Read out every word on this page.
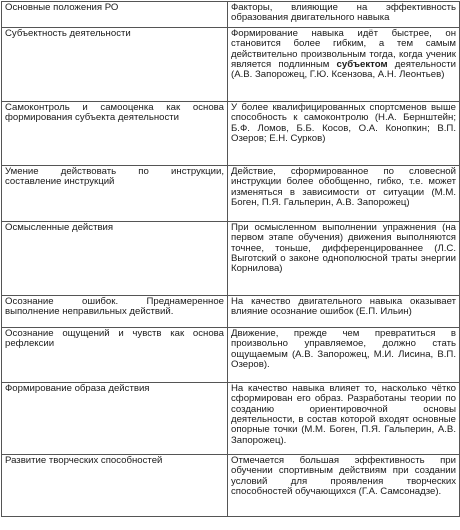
Основные положения РО	Факторы, влияющие на эффективность образования двигательного навыка

Субъектность деятельности	Формирование навыка идёт быстрее, он становится более гибким, а тем самым действительно произвольным тогда, когда ученик является подлинным субъектом деятельности (А.В. Запорожец, Г.Ю. Ксензова, А.Н. Леонтьев)

Самоконтроль и самооценка как основа формирования субъекта деятельности	У более квалифицированных спортсменов выше способность к самоконтролю (Н.А. Бернштейн; Б.Ф. Ломов, Б.Б. Косов, О.А. Конопкин; В.П. Озеров; Е.Н. Сурков)

Умение действовать по инструкции, составление инструкций	Действие, сформированное по словесной инструкции более обобщенно, гибко, т.е. может изменяться в зависимости от ситуации (М.М. Боген, П.Я. Гальперин, А.В. Запорожец)

Осмысленные действия	При осмысленном выполнении упражнения (на первом этапе обучения) движения выполняются точнее, тоньше, дифференцированнее (Л.С. Выготский о законе однополюсной траты энергии Корнилова)

Осознание ошибок. Преднамеренное выполнение неправильных действий.	На качество двигательного навыка оказывает влияние осознание ошибок (Е.П. Ильин)

Осознание ощущений и чувств как основа рефлексии	Движение, прежде чем превратиться в произвольно управляемое, должно стать ощущаемым (А.В. Запорожец, М.И. Лисина, В.П. Озеров).

Формирование образа действия	На качество навыка влияет то, насколько чётко сформирован его образ. Разработаны теории по созданию ориентировочной основы деятельности, в состав которой входят основные опорные точки (М.М. Боген, П.Я. Гальперин, А.В. Запорожец).

Развитие творческих способностей	Отмечается большая эффективность при обучении спортивным действиям при создании условий для проявления творческих способностей обучающихся (Г.А. Самсонадзе).
